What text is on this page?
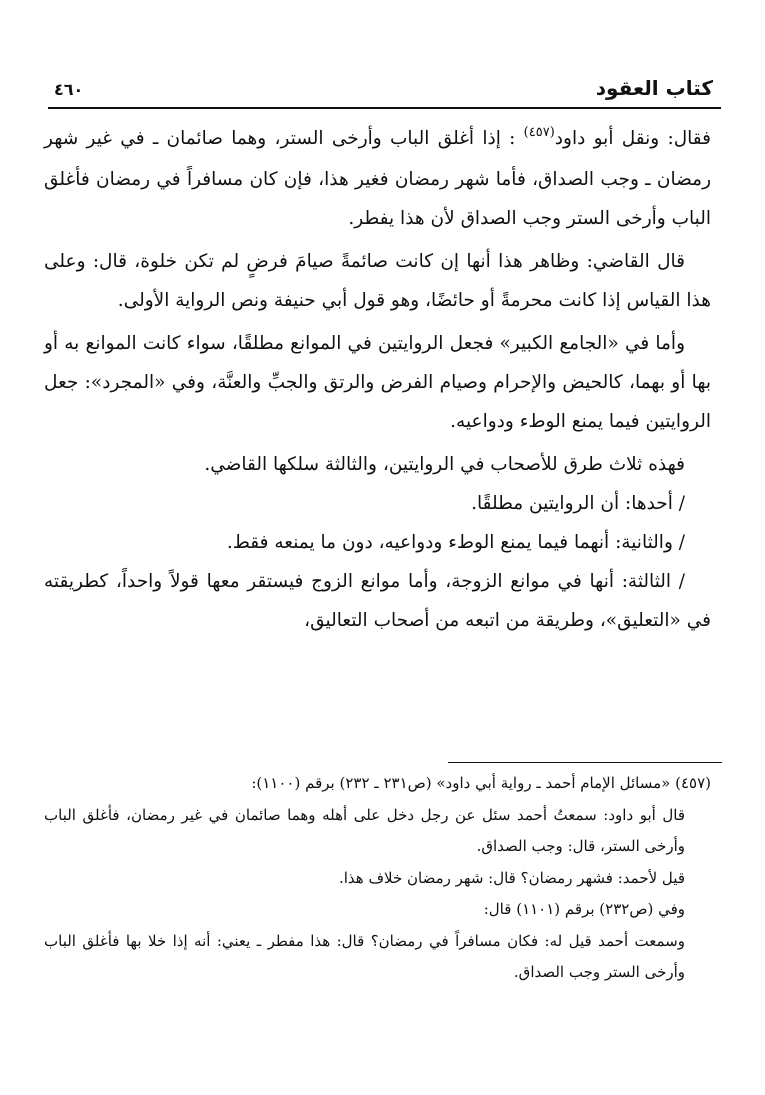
كتاب العقود
٤٦٠

فقال: ونقل أبو داود$^{(٤٥٧)}$ : إذا أغلق الباب وأرخى الستر، وهما صائمان ـ في غير شهر رمضان ـ وجب الصداق، فأما شهر رمضان فغير هذا، فإن كان مسافراً في رمضان فأغلق الباب وأرخى الستر وجب الصداق لأن هذا يفطر.

قال القاضي: وظاهر هذا أنها إن كانت صائمةً صيامَ فرضٍ لم تكن خلوة، قال: وعلى هذا القياس إذا كانت محرمةً أو حائضًا، وهو قول أبي حنيفة ونص الرواية الأولى.

وأما في «الجامع الكبير» فجعل الروايتين في الموانع مطلقًا، سواء كانت الموانع به أو بها أو بهما، كالحيض والإحرام وصيام الفرض والرتق والجبِّ والعنَّة، وفي «المجرد»: جعل الروايتين فيما يمنع الوطء ودواعيه.

فهذه ثلاث طرق للأصحاب في الروايتين، والثالثة سلكها القاضي.

/ أحدها: أن الروايتين مطلقًا.

/ والثانية: أنهما فيما يمنع الوطء ودواعيه، دون ما يمنعه فقط.

/ الثالثة: أنها في موانع الزوجة، وأما موانع الزوج فيستقر معها قولاً واحداً، كطريقته في «التعليق»، وطريقة من اتبعه من أصحاب التعاليق،

(٤٥٧) «مسائل الإمام أحمد ـ رواية أبي داود» (ص٢٣١ ـ ٢٣٢) برقم (١١٠٠):

قال أبو داود: سمعتُ أحمد سئل عن رجل دخل على أهله وهما صائمان في غير رمضان، فأغلق الباب وأرخى الستر، قال: وجب الصداق.

قيل لأحمد: فشهر رمضان؟ قال: شهر رمضان خلاف هذا.

وفي (ص٢٣٢) برقم (١١٠١) قال:

وسمعت أحمد قيل له: فكان مسافراً في رمضان؟ قال: هذا مفطر ـ يعني: أنه إذا خلا بها فأغلق الباب وأرخى الستر وجب الصداق.
